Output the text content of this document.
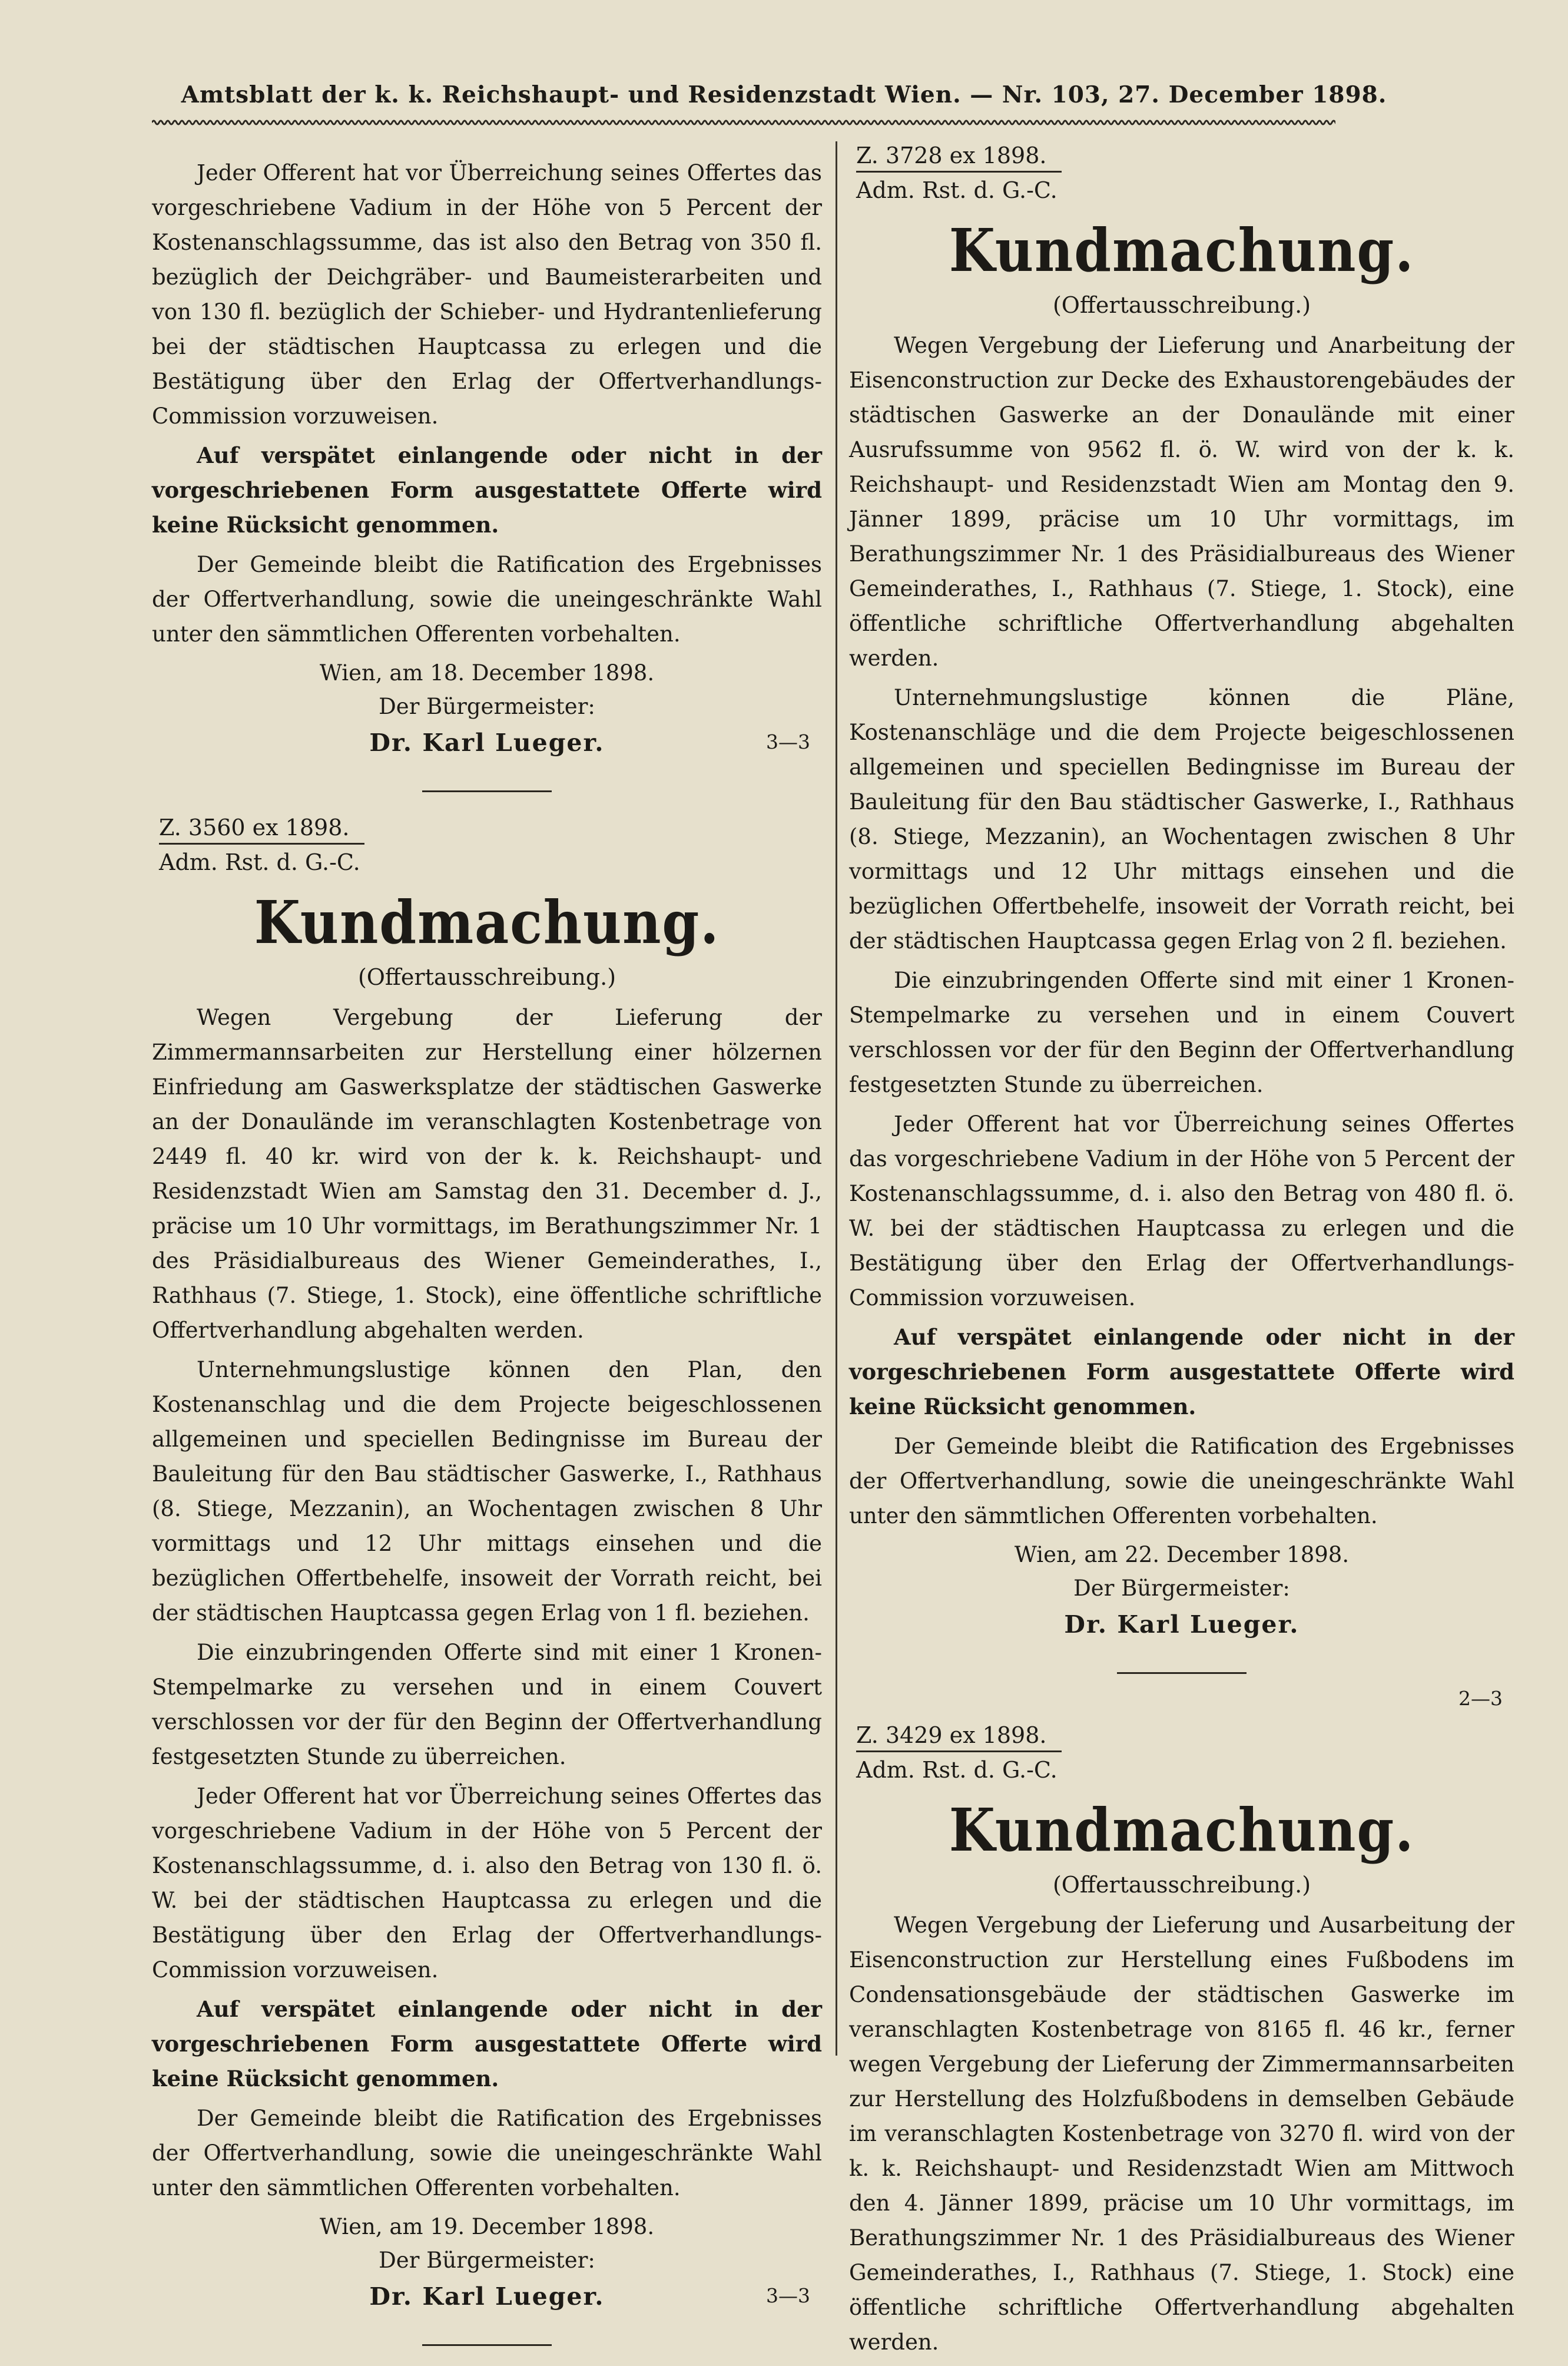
Amtsblatt der k. k. Reichshaupt- und Residenzstadt Wien. — Nr. 103, 27. December 1898.

Jeder Offerent hat vor Überreichung seines Offertes das vorgeschriebene Vadium in der Höhe von 5 Percent der Kostenanschlagssumme, das ist also den Betrag von 350 fl. bezüglich der Deichgräber- und Baumeisterarbeiten und von 130 fl. bezüglich der Schieber- und Hydrantenlieferung bei der städtischen Hauptcassa zu erlegen und die Bestätigung über den Erlag der Offertverhandlungs-Commission vorzuweisen.

Auf verspätet einlangende oder nicht in der vorgeschriebenen Form ausgestattete Offerte wird keine Rücksicht genommen.

Der Gemeinde bleibt die Ratification des Ergebnisses der Offertverhandlung, sowie die uneingeschränkte Wahl unter den sämmtlichen Offerenten vorbehalten.

Wien, am 18. December 1898.
Der Bürgermeister:
Dr. Karl Lueger.	3—3
Z. 3560 ex 1898.
Adm. Rst. d. G.-C.
Kundmachung.
(Offertausschreibung.)

Wegen Vergebung der Lieferung der Zimmermannsarbeiten zur Herstellung einer hölzernen Einfriedung am Gaswerksplatze der städtischen Gaswerke an der Donaulände im veranschlagten Kostenbetrage von 2449 fl. 40 kr. wird von der k. k. Reichshaupt- und Residenzstadt Wien am Samstag den 31. December d. J., präcise um 10 Uhr vormittags, im Berathungszimmer Nr. 1 des Präsidialbureaus des Wiener Gemeinderathes, I., Rathhaus (7. Stiege, 1. Stock), eine öffentliche schriftliche Offertverhandlung abgehalten werden.

Unternehmungslustige können den Plan, den Kostenanschlag und die dem Projecte beigeschlossenen allgemeinen und speciellen Bedingnisse im Bureau der Bauleitung für den Bau städtischer Gaswerke, I., Rathhaus (8. Stiege, Mezzanin), an Wochentagen zwischen 8 Uhr vormittags und 12 Uhr mittags einsehen und die bezüglichen Offertbehelfe, insoweit der Vorrath reicht, bei der städtischen Hauptcassa gegen Erlag von 1 fl. beziehen.

Die einzubringenden Offerte sind mit einer 1 Kronen-Stempelmarke zu versehen und in einem Couvert verschlossen vor der für den Beginn der Offertverhandlung festgesetzten Stunde zu überreichen.

Jeder Offerent hat vor Überreichung seines Offertes das vorgeschriebene Vadium in der Höhe von 5 Percent der Kostenanschlagssumme, d. i. also den Betrag von 130 fl. ö. W. bei der städtischen Hauptcassa zu erlegen und die Bestätigung über den Erlag der Offertverhandlungs-Commission vorzuweisen.

Auf verspätet einlangende oder nicht in der vorgeschriebenen Form ausgestattete Offerte wird keine Rücksicht genommen.

Der Gemeinde bleibt die Ratification des Ergebnisses der Offertverhandlung, sowie die uneingeschränkte Wahl unter den sämmtlichen Offerenten vorbehalten.

Wien, am 19. December 1898.
Der Bürgermeister:
Dr. Karl Lueger.	3—3
Z. 3728 ex 1898.
Adm. Rst. d. G.-C.
Kundmachung.
(Offertausschreibung.)

Wegen Vergebung der Lieferung und Anarbeitung der Eisenconstruction zur Decke des Exhaustorengebäudes der städtischen Gaswerke an der Donaulände mit einer Ausrufssumme von 9562 fl. ö. W. wird von der k. k. Reichshaupt- und Residenzstadt Wien am Montag den 9. Jänner 1899, präcise um 10 Uhr vormittags, im Berathungszimmer Nr. 1 des Präsidialbureaus des Wiener Gemeinderathes, I., Rathhaus (7. Stiege, 1. Stock), eine öffentliche schriftliche Offertverhandlung abgehalten werden.

Unternehmungslustige können die Pläne, Kostenanschläge und die dem Projecte beigeschlossenen allgemeinen und speciellen Bedingnisse im Bureau der Bauleitung für den Bau städtischer Gaswerke, I., Rathhaus (8. Stiege, Mezzanin), an Wochentagen zwischen 8 Uhr vormittags und 12 Uhr mittags einsehen und die bezüglichen Offertbehelfe, insoweit der Vorrath reicht, bei der städtischen Hauptcassa gegen Erlag von 2 fl. beziehen.

Die einzubringenden Offerte sind mit einer 1 Kronen-Stempelmarke zu versehen und in einem Couvert verschlossen vor der für den Beginn der Offertverhandlung festgesetzten Stunde zu überreichen.

Jeder Offerent hat vor Überreichung seines Offertes das vorgeschriebene Vadium in der Höhe von 5 Percent der Kostenanschlagssumme, d. i. also den Betrag von 480 fl. ö. W. bei der städtischen Hauptcassa zu erlegen und die Bestätigung über den Erlag der Offertverhandlungs-Commission vorzuweisen.

Auf verspätet einlangende oder nicht in der vorgeschriebenen Form ausgestattete Offerte wird keine Rücksicht genommen.

Der Gemeinde bleibt die Ratification des Ergebnisses der Offertverhandlung, sowie die uneingeschränkte Wahl unter den sämmtlichen Offerenten vorbehalten.

Wien, am 22. December 1898.
Der Bürgermeister:
Dr. Karl Lueger.
2—3
Z. 3429 ex 1898.
Adm. Rst. d. G.-C.
Kundmachung.
(Offertausschreibung.)

Wegen Vergebung der Lieferung und Ausarbeitung der Eisenconstruction zur Herstellung eines Fußbodens im Condensationsgebäude der städtischen Gaswerke im veranschlagten Kostenbetrage von 8165 fl. 46 kr., ferner wegen Vergebung der Lieferung der Zimmermannsarbeiten zur Herstellung des Holzfußbodens in demselben Gebäude im veranschlagten Kostenbetrage von 3270 fl. wird von der k. k. Reichshaupt- und Residenzstadt Wien am Mittwoch den 4. Jänner 1899, präcise um 10 Uhr vormittags, im Berathungszimmer Nr. 1 des Präsidialbureaus des Wiener Gemeinderathes, I., Rathhaus (7. Stiege, 1. Stock) eine öffentliche schriftliche Offertverhandlung abgehalten werden.
